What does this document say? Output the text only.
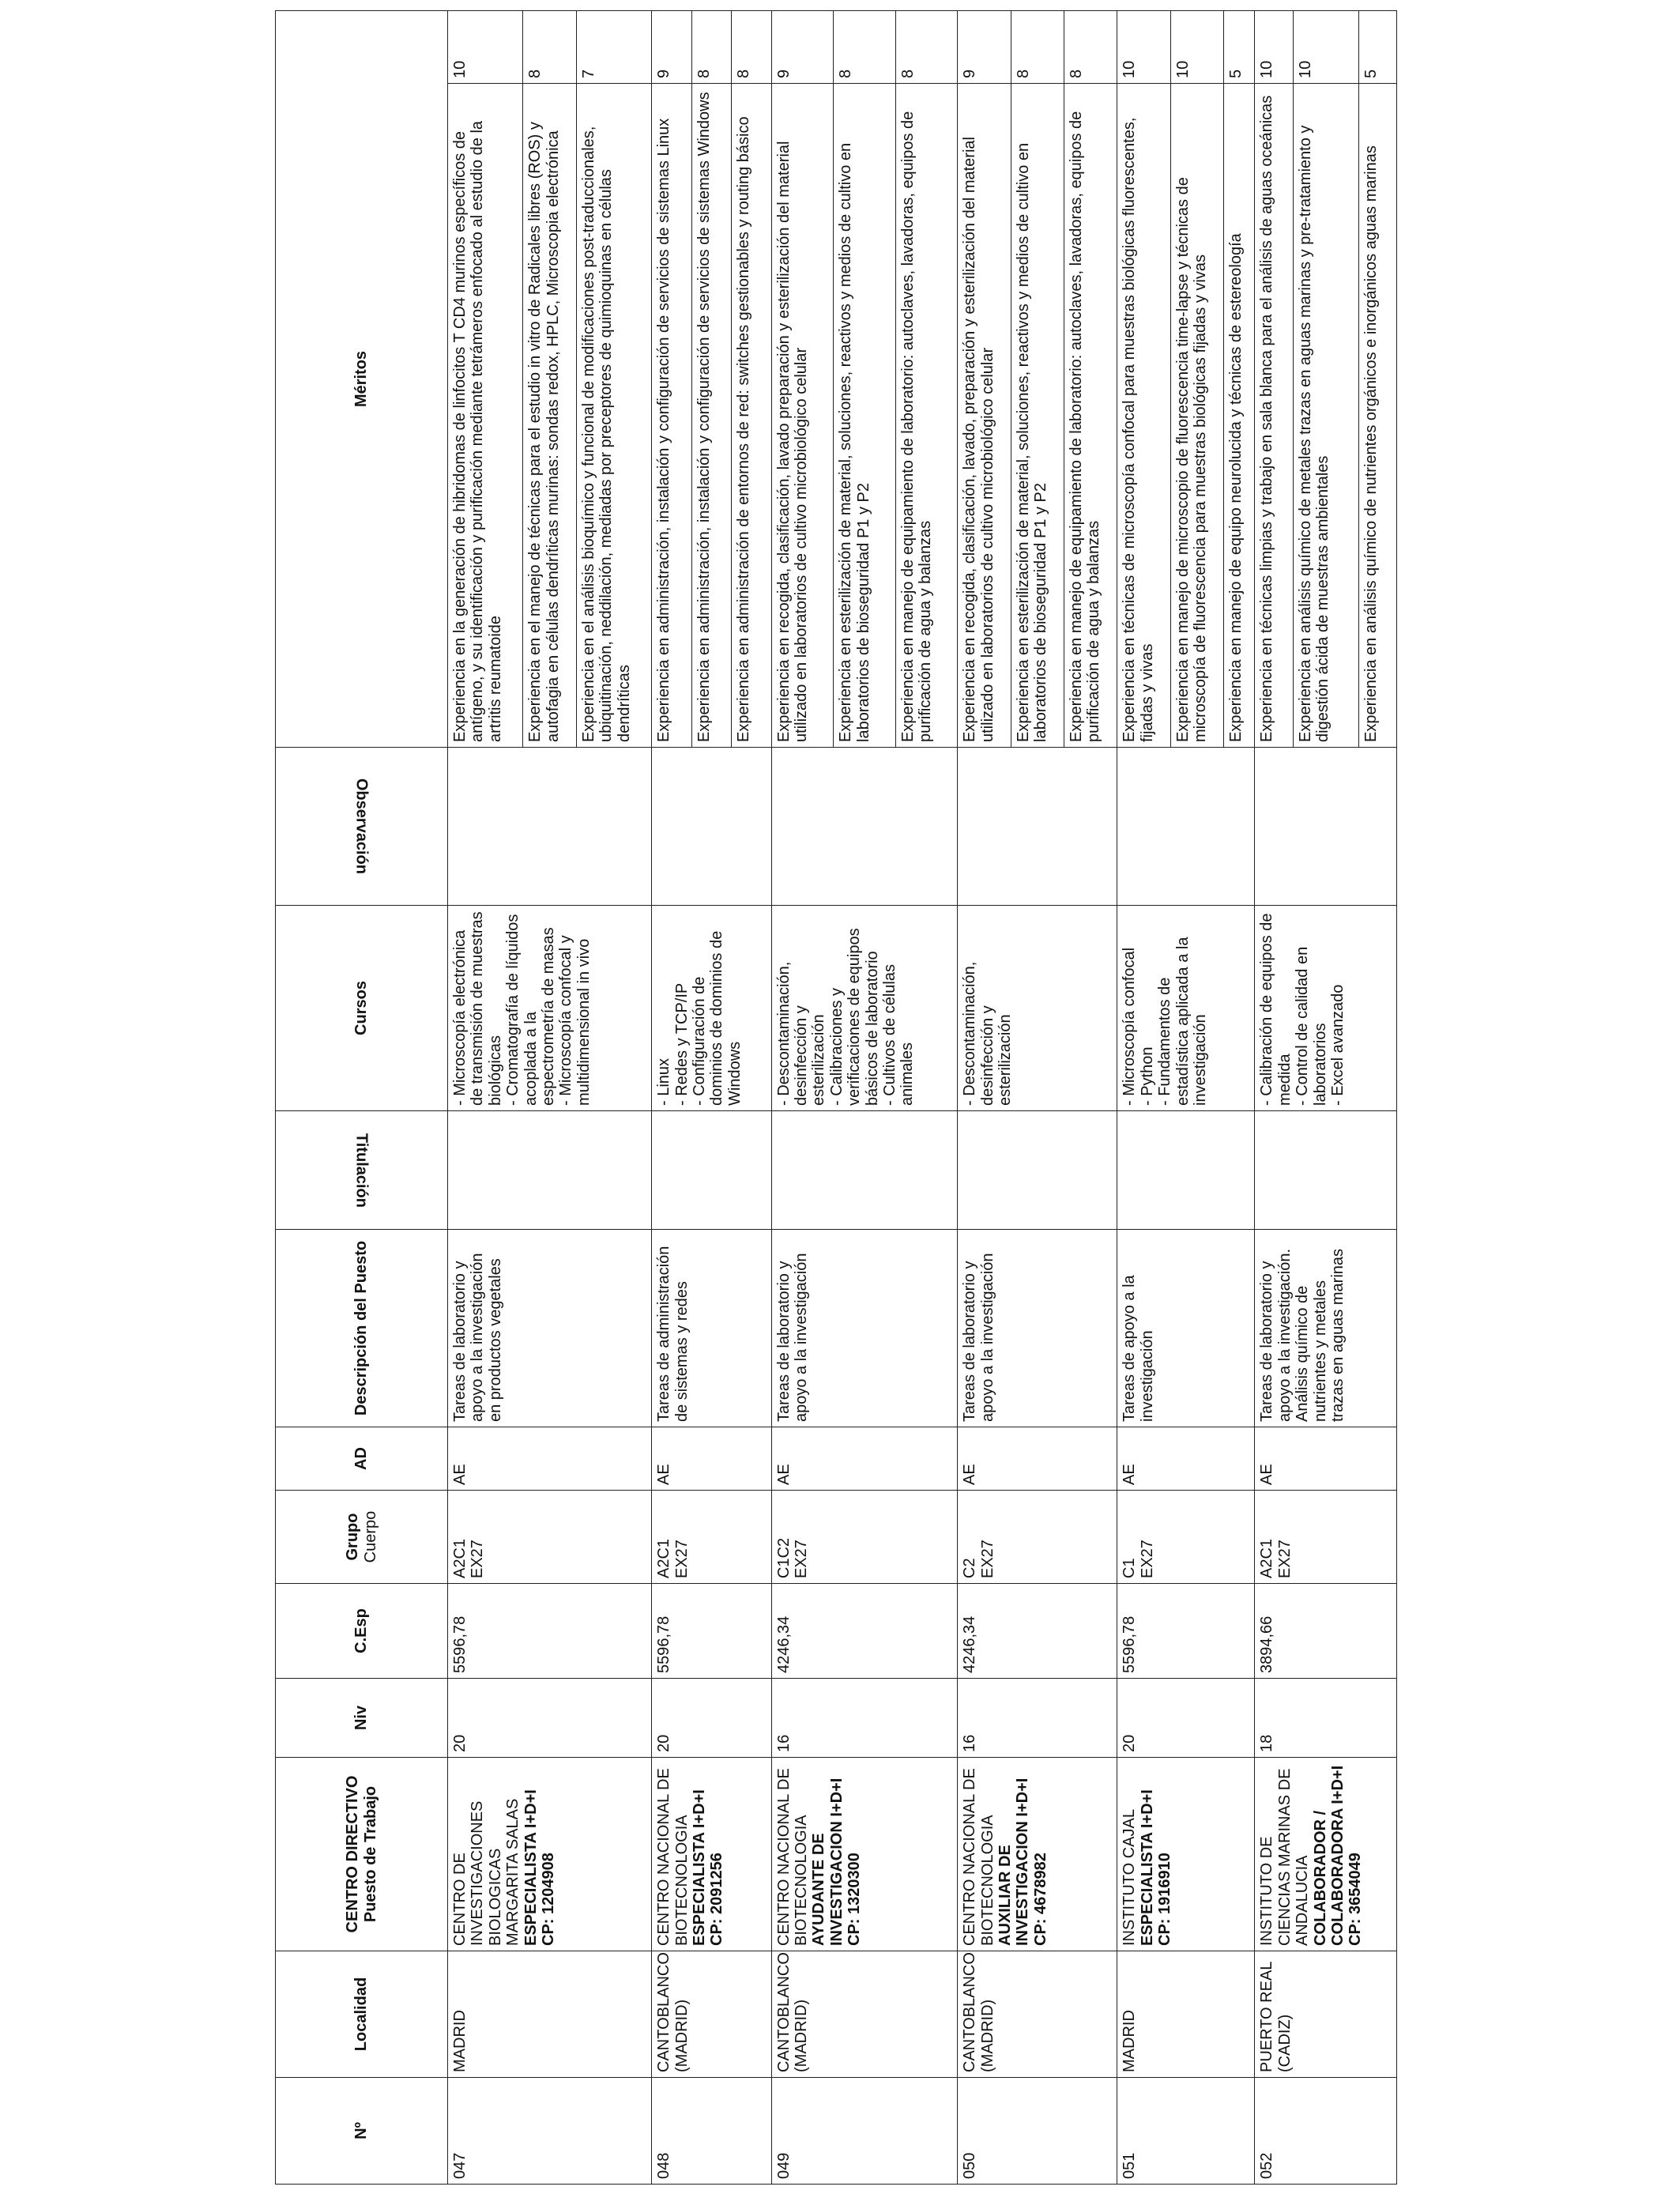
Nº	Localidad	CENTRO DIRECTIVO Puesto de Trabajo	Niv	C.Esp	Grupo Cuerpo	AD	Descripción del Puesto	Titulación	Cursos	Observación	Méritos	
047	MADRID	CENTRO DE INVESTIGACIONES BIOLOGICAS MARGARITA SALAS ESPECIALISTA I+D+I CP: 1204908	20	5596,78	A2C1 EX27	AE	Tareas de laboratorio y apoyo a la investigación en productos vegetales		- Microscopía electrónica de transmisión de muestras biológicas - Cromatografía de líquidos acoplada a la espectrometría de masas - Microscopía confocal y multidimensional in vivo		Experiencia en la generación de hibridomas de linfocitos T CD4 murinos específicos de antígeno, y su identificación y purificación mediante tetrámeros enfocado al estudio de la artritis reumatoide	10
											Experiencia en el manejo de técnicas para el estudio in vitro de Radicales libres (ROS) y autofagia en células dendríticas murinas: sondas redox, HPLC, Microscopia electrónica	8
											Experiencia en el análisis bioquímico y funcional de modificaciones post-traduccionales, ubiquitinación, neddilación, mediadas por preceptores de quimioquinas en células dendríticas	7
048	CANTOBLANCO (MADRID)	CENTRO NACIONAL DE BIOTECNOLOGIA ESPECIALISTA I+D+I CP: 2091256	20	5596,78	A2C1 EX27	AE	Tareas de administración de sistemas y redes		- Linux - Redes y TCP/IP - Configuración de dominios de dominios de Windows		Experiencia en administración, instalación y configuración de servicios de sistemas Linux	9
											Experiencia en administración, instalación y configuración de servicios de sistemas Windows	8
											Experiencia en administración de entornos de red: switches gestionables y routing básico	8
049	CANTOBLANCO (MADRID)	CENTRO NACIONAL DE BIOTECNOLOGIA AYUDANTE DE INVESTIGACION I+D+I CP: 1320300	16	4246,34	C1C2 EX27	AE	Tareas de laboratorio y apoyo a la investigación		- Descontaminación, desinfección y esterilización - Calibraciones y verificaciones de equipos básicos de laboratorio - Cultivos de células animales		Experiencia en recogida, clasificación, lavado preparación y esterilización del material utilizado en laboratorios de cultivo microbiológico celular	9
											Experiencia en esterilización de material, soluciones, reactivos y medios de cultivo en laboratorios de bioseguridad P1 y P2	8
											Experiencia en manejo de equipamiento de laboratorio: autoclaves, lavadoras, equipos de purificación de agua y balanzas	8
050	CANTOBLANCO (MADRID)	CENTRO NACIONAL DE BIOTECNOLOGIA AUXILIAR DE INVESTIGACION I+D+I CP: 4678982	16	4246,34	C2 EX27	AE	Tareas de laboratorio y apoyo a la investigación		- Descontaminación, desinfección y esterilización		Experiencia en recogida, clasificación, lavado, preparación y esterilización del material utilizado en laboratorios de cultivo microbiológico celular	9
											Experiencia en esterilización de material, soluciones, reactivos y medios de cultivo en laboratorios de bioseguridad P1 y P2	8
											Experiencia en manejo de equipamiento de laboratorio: autoclaves, lavadoras, equipos de purificación de agua y balanzas	8
051	MADRID	INSTITUTO CAJAL ESPECIALISTA I+D+I CP: 1916910	20	5596,78	C1 EX27	AE	Tareas de apoyo a la investigación		- Microscopía confocal - Python - Fundamentos de estadística aplicada a la investigación		Experiencia en técnicas de microscopía confocal para muestras biológicas fluorescentes, fijadas y vivas	10
											Experiencia en manejo de microscopio de fluorescencia time-lapse y técnicas de microscopía de fluorescencia para muestras biológicas fijadas y vivas	10
											Experiencia en manejo de equipo neurolucida y técnicas de estereología	5
052	PUERTO REAL (CADIZ)	INSTITUTO DE CIENCIAS MARINAS DE ANDALUCIA COLABORADOR / COLABORADORA I+D+I CP: 3654049	18	3894,66	A2C1 EX27	AE	Tareas de laboratorio y apoyo a la investigación. Análisis químico de nutrientes y metales trazas en aguas marinas		- Calibración de equipos de medida - Control de calidad en laboratorios - Excel avanzado		Experiencia en técnicas limpias y trabajo en sala blanca para el análisis de aguas oceánicas	10
											Experiencia en análisis químico de metales trazas en aguas marinas y pre-tratamiento y digestión ácida de muestras ambientales	10
											Experiencia en análisis químico de nutrientes orgánicos e inorgánicos aguas marinas	5
